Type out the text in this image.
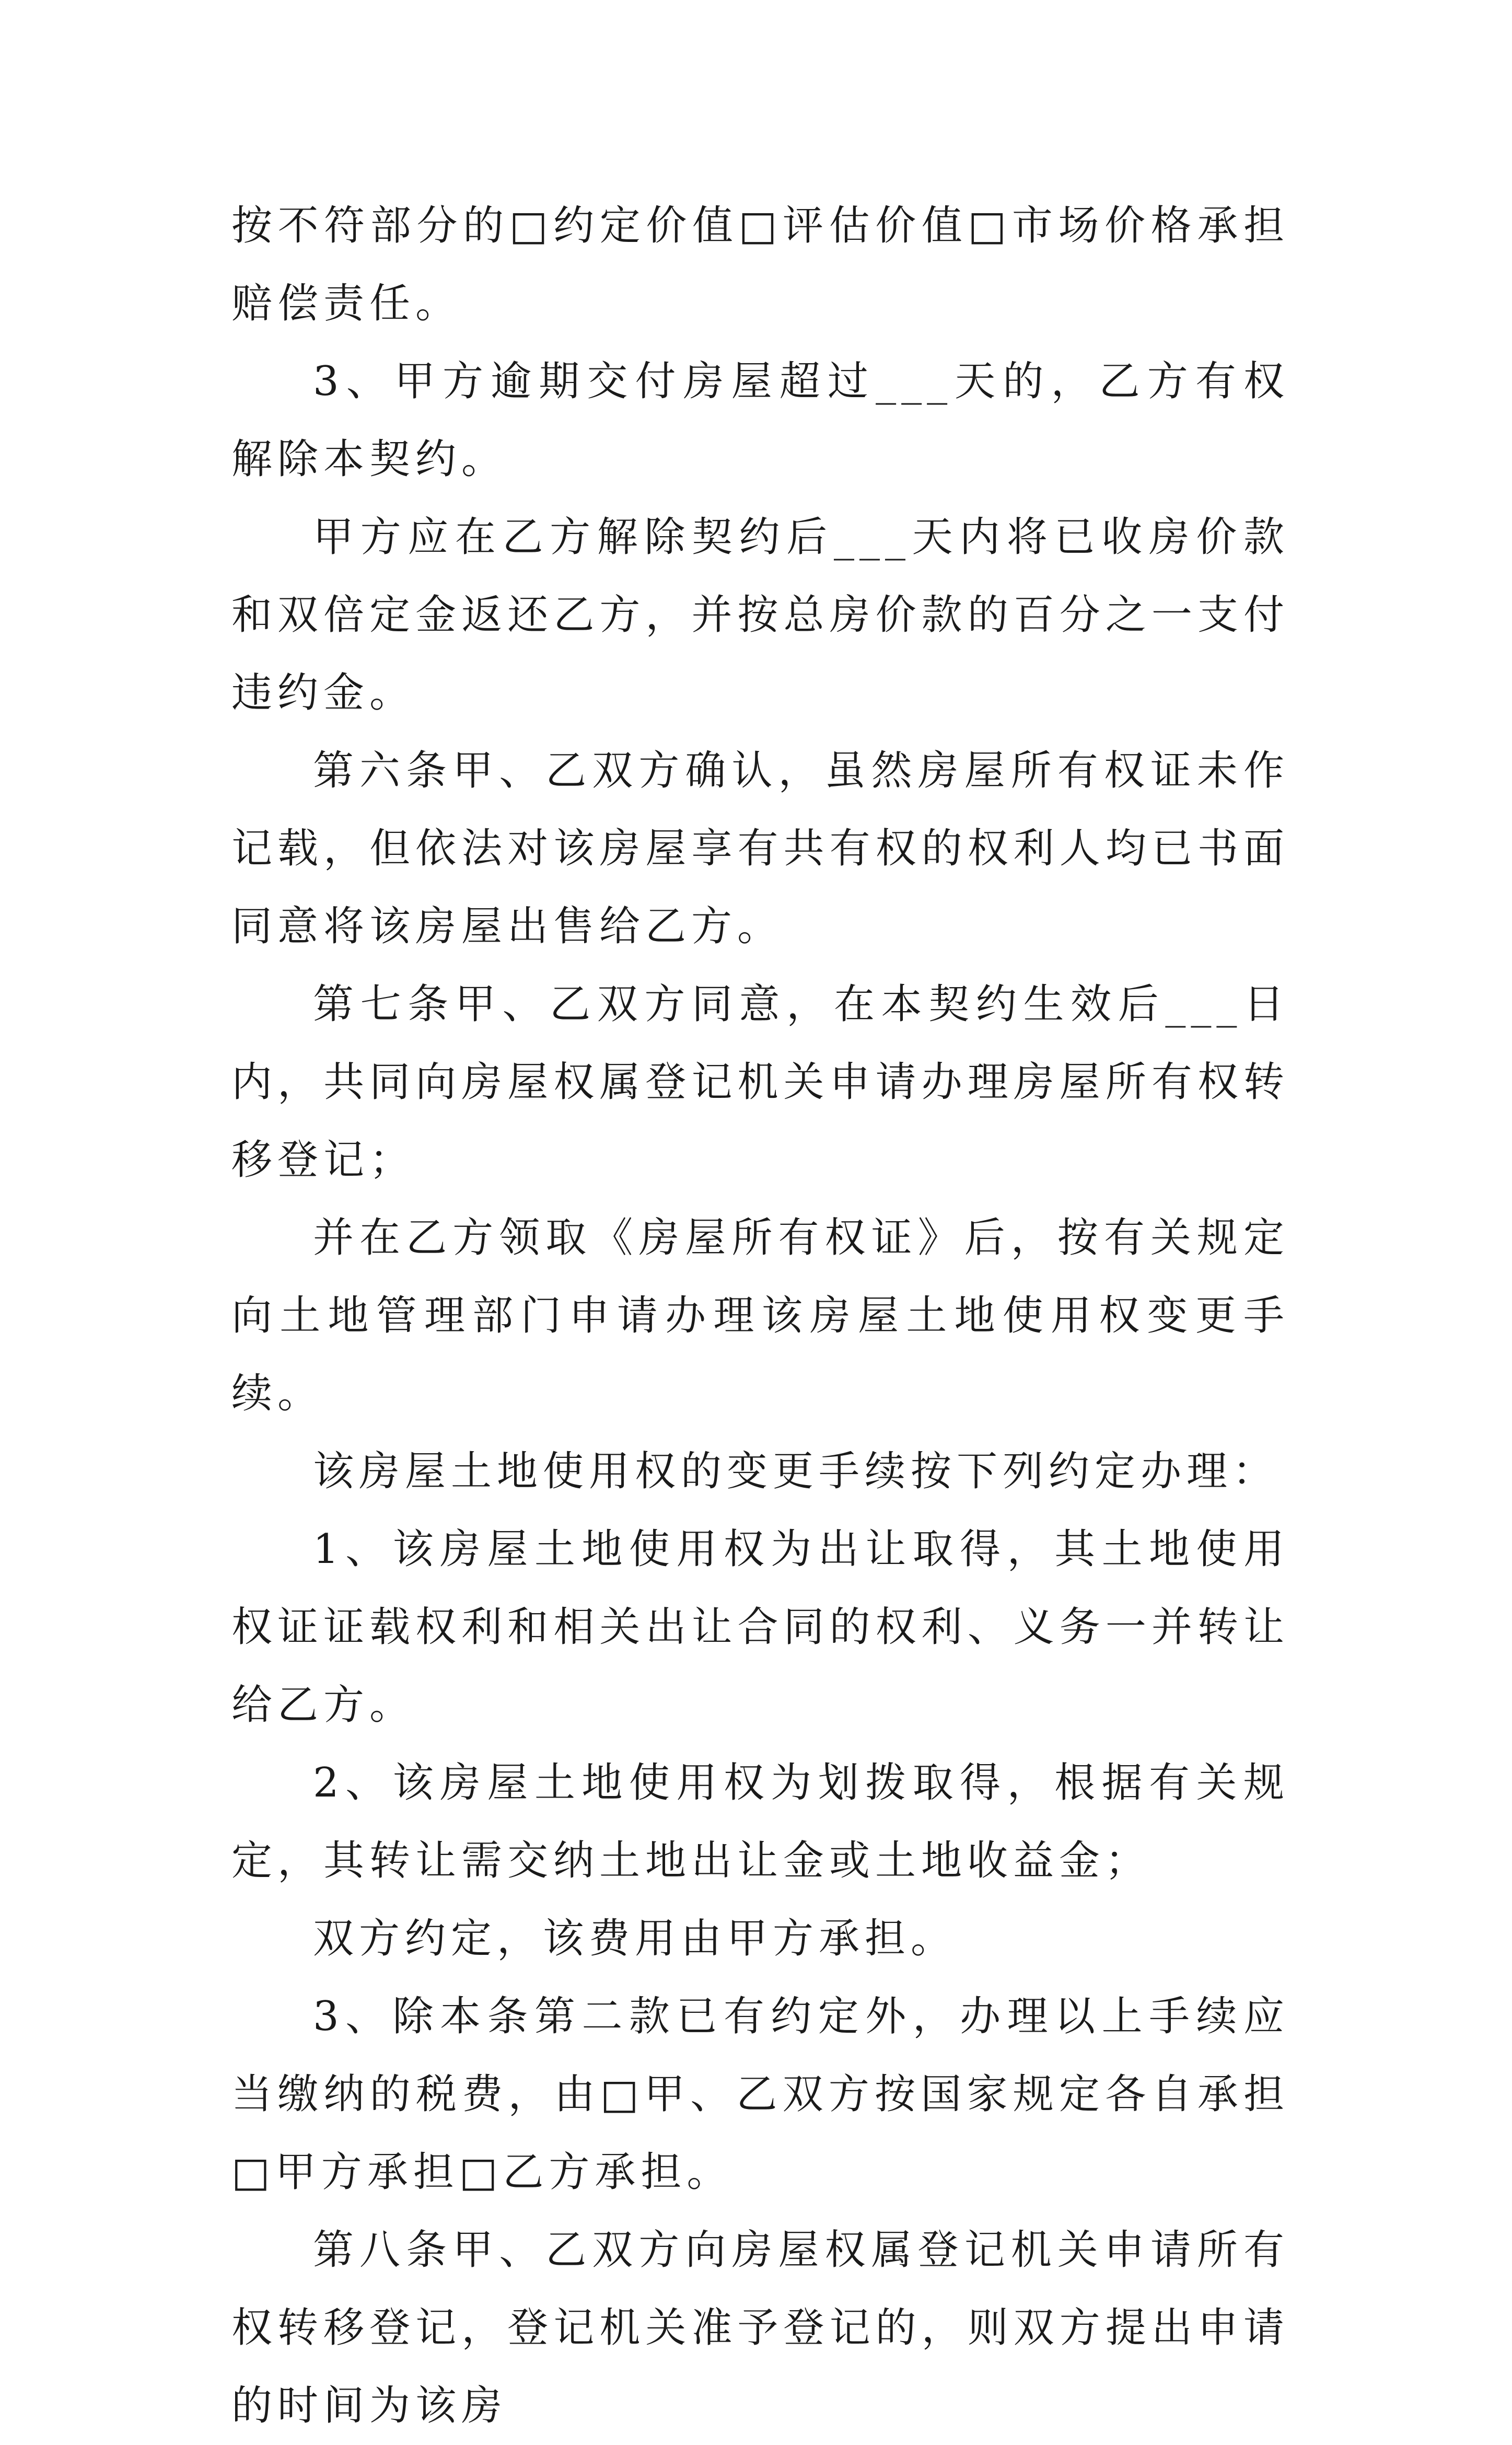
按不符部分的□约定价值□评估价值□市场价格承担赔偿责任。

3、甲方逾期交付房屋超过___天的，乙方有权解除本契约。

甲方应在乙方解除契约后___天内将已收房价款和双倍定金返还乙方，并按总房价款的百分之一支付违约金。

第六条甲、乙双方确认，虽然房屋所有权证未作记载，但依法对该房屋享有共有权的权利人均已书面同意将该房屋出售给乙方。

第七条甲、乙双方同意，在本契约生效后___日内，共同向房屋权属登记机关申请办理房屋所有权转移登记；

并在乙方领取《房屋所有权证》后，按有关规定向土地管理部门申请办理该房屋土地使用权变更手续。

该房屋土地使用权的变更手续按下列约定办理：

1、该房屋土地使用权为出让取得，其土地使用权证证载权利和相关出让合同的权利、义务一并转让给乙方。

2、该房屋土地使用权为划拨取得，根据有关规定，其转让需交纳土地出让金或土地收益金；

双方约定，该费用由甲方承担。

3、除本条第二款已有约定外，办理以上手续应当缴纳的税费，由□甲、乙双方按国家规定各自承担□甲方承担□乙方承担。

第八条甲、乙双方向房屋权属登记机关申请所有权转移登记，登记机关准予登记的，则双方提出申请的时间为该房
